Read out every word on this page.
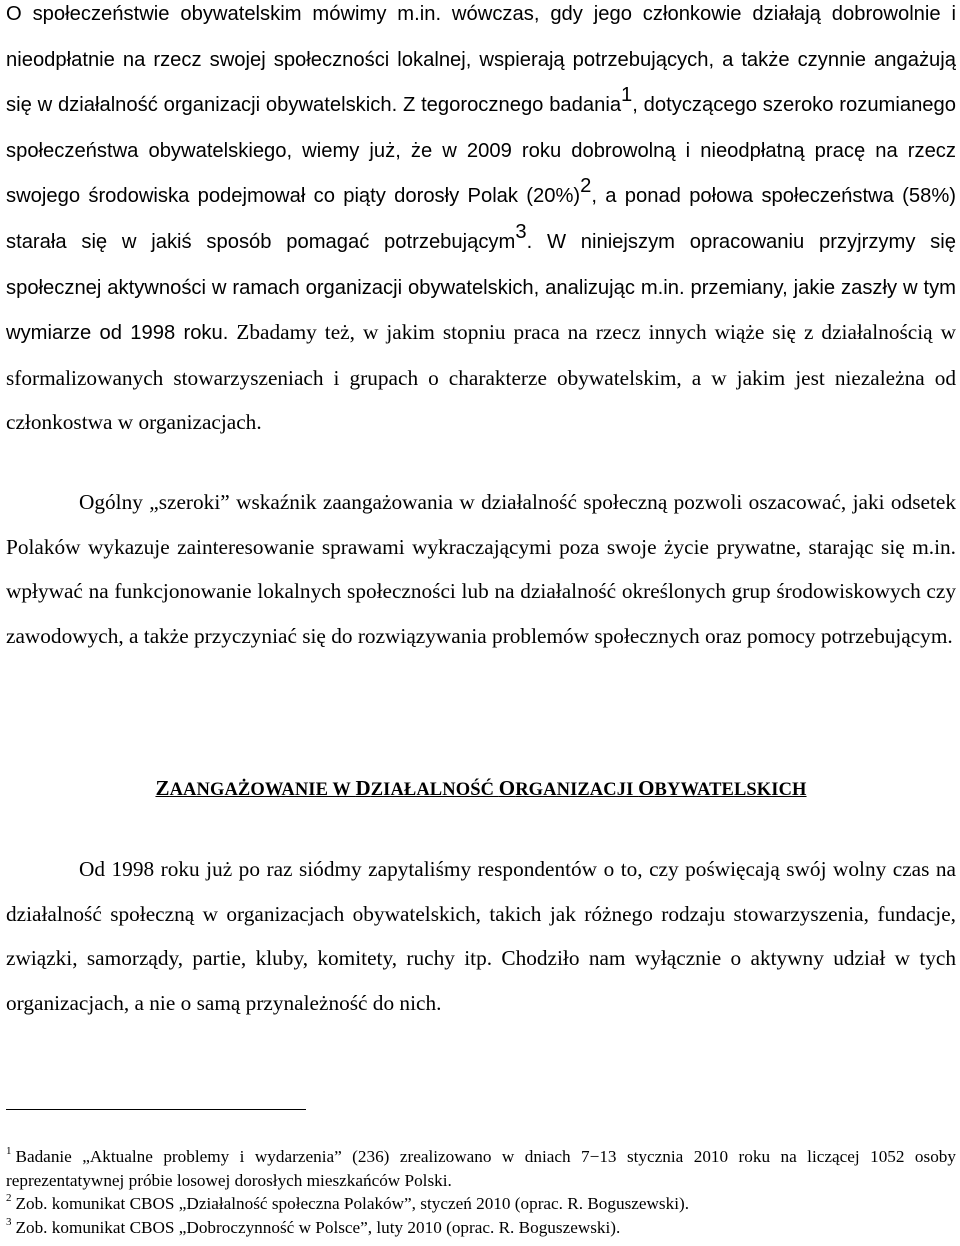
O społeczeństwie obywatelskim mówimy m.in. wówczas, gdy jego członkowie działają dobrowolnie i nieodpłatnie na rzecz swojej społeczności lokalnej, wspierają potrzebujących, a także czynnie angażują się w działalność organizacji obywatelskich. Z tegorocznego badania$^1$, dotyczącego szeroko rozumianego społeczeństwa obywatelskiego, wiemy już, że w 2009 roku dobrowolną i nieodpłatną pracę na rzecz swojego środowiska podejmował co piąty dorosły Polak $(20\%)^2$, a ponad połowa społeczeństwa (58%) starała się w jakiś sposób pomagać potrzebującym$^3$. W niniejszym opracowaniu przyjrzymy się społecznej aktywności w ramach organizacji obywatelskich, analizując m.in. przemiany, jakie zaszły w tym wymiarze od 1998 roku. Zbadamy też, w jakim stopniu praca na rzecz innych wiąże się z działalnością w sformalizowanych stowarzyszeniach i grupach o charakterze obywatelskim, a w jakim jest niezależna od członkostwa w organizacjach.

Ogólny „szeroki” wskaźnik zaangażowania w działalność społeczną pozwoli oszacować, jaki odsetek Polaków wykazuje zainteresowanie sprawami wykraczającymi poza swoje życie prywatne, starając się m.in. wpływać na funkcjonowanie lokalnych społeczności lub na działalność określonych grup środowiskowych czy zawodowych, a także przyczyniać się do rozwiązywania problemów społecznych oraz pomocy potrzebującym.

ZAANGAŻOWANIE W DZIAŁALNOŚĆ ORGANIZACJI OBYWATELSKICH

Od 1998 roku już po raz siódmy zapytaliśmy respondentów o to, czy poświęcają swój wolny czas na działalność społeczną w organizacjach obywatelskich, takich jak różnego rodzaju stowarzyszenia, fundacje, związki, samorządy, partie, kluby, komitety, ruchy itp. Chodziło nam wyłącznie o aktywny udział w tych organizacjach, a nie o samą przynależność do nich.

$^1$ Badanie „Aktualne problemy i wydarzenia” (236) zrealizowano w dniach 7−13 stycznia 2010 roku na liczącej 1052 osoby reprezentatywnej próbie losowej dorosłych mieszkańców Polski.

$^2$ Zob. komunikat CBOS „Działalność społeczna Polaków”, styczeń 2010 (oprac. R. Boguszewski).

$^3$ Zob. komunikat CBOS „Dobroczynność w Polsce”, luty 2010 (oprac. R. Boguszewski).
